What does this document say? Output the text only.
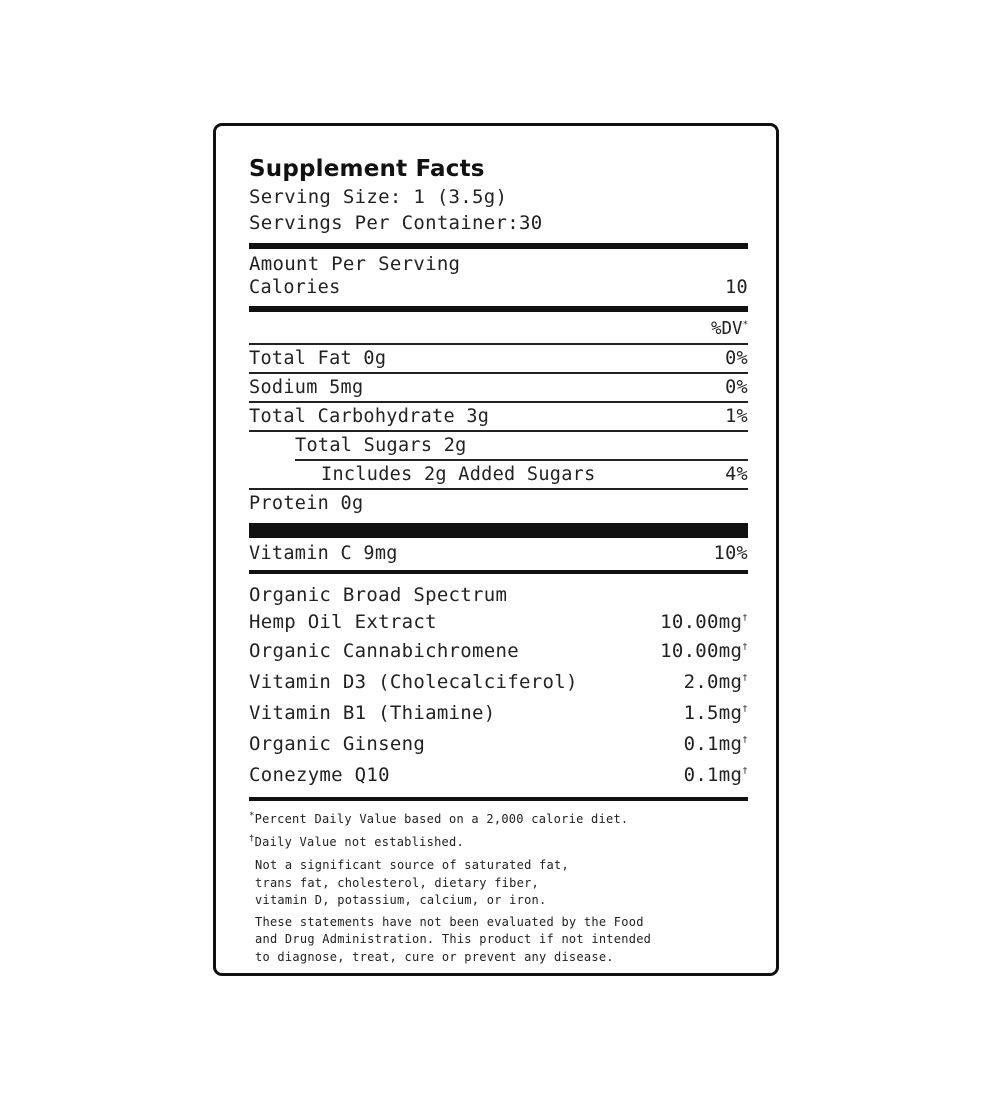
Supplement Facts
Serving Size: 1 (3.5g)
Servings Per Container:30
Amount Per Serving
Calories	10
%DV*
Total Fat 0g	0%
Sodium 5mg	0%
Total Carbohydrate 3g	1%
Total Sugars 2g
Includes 2g Added Sugars	4%
Protein 0g
Vitamin C 9mg	10%
Organic Broad Spectrum
Hemp Oil Extract	10.00mg†
Organic Cannabichromene	10.00mg†
Vitamin D3 (Cholecalciferol)	2.0mg†
Vitamin B1 (Thiamine)	1.5mg†
Organic Ginseng	0.1mg†
Conezyme Q10	0.1mg†

*Percent Daily Value based on a 2,000 calorie diet.

†Daily Value not established.

Not a significant source of saturated fat,
trans fat, cholesterol, dietary fiber,
vitamin D, potassium, calcium, or iron.

These statements have not been evaluated by the Food
and Drug Administration. This product if not intended
to diagnose, treat, cure or prevent any disease.
